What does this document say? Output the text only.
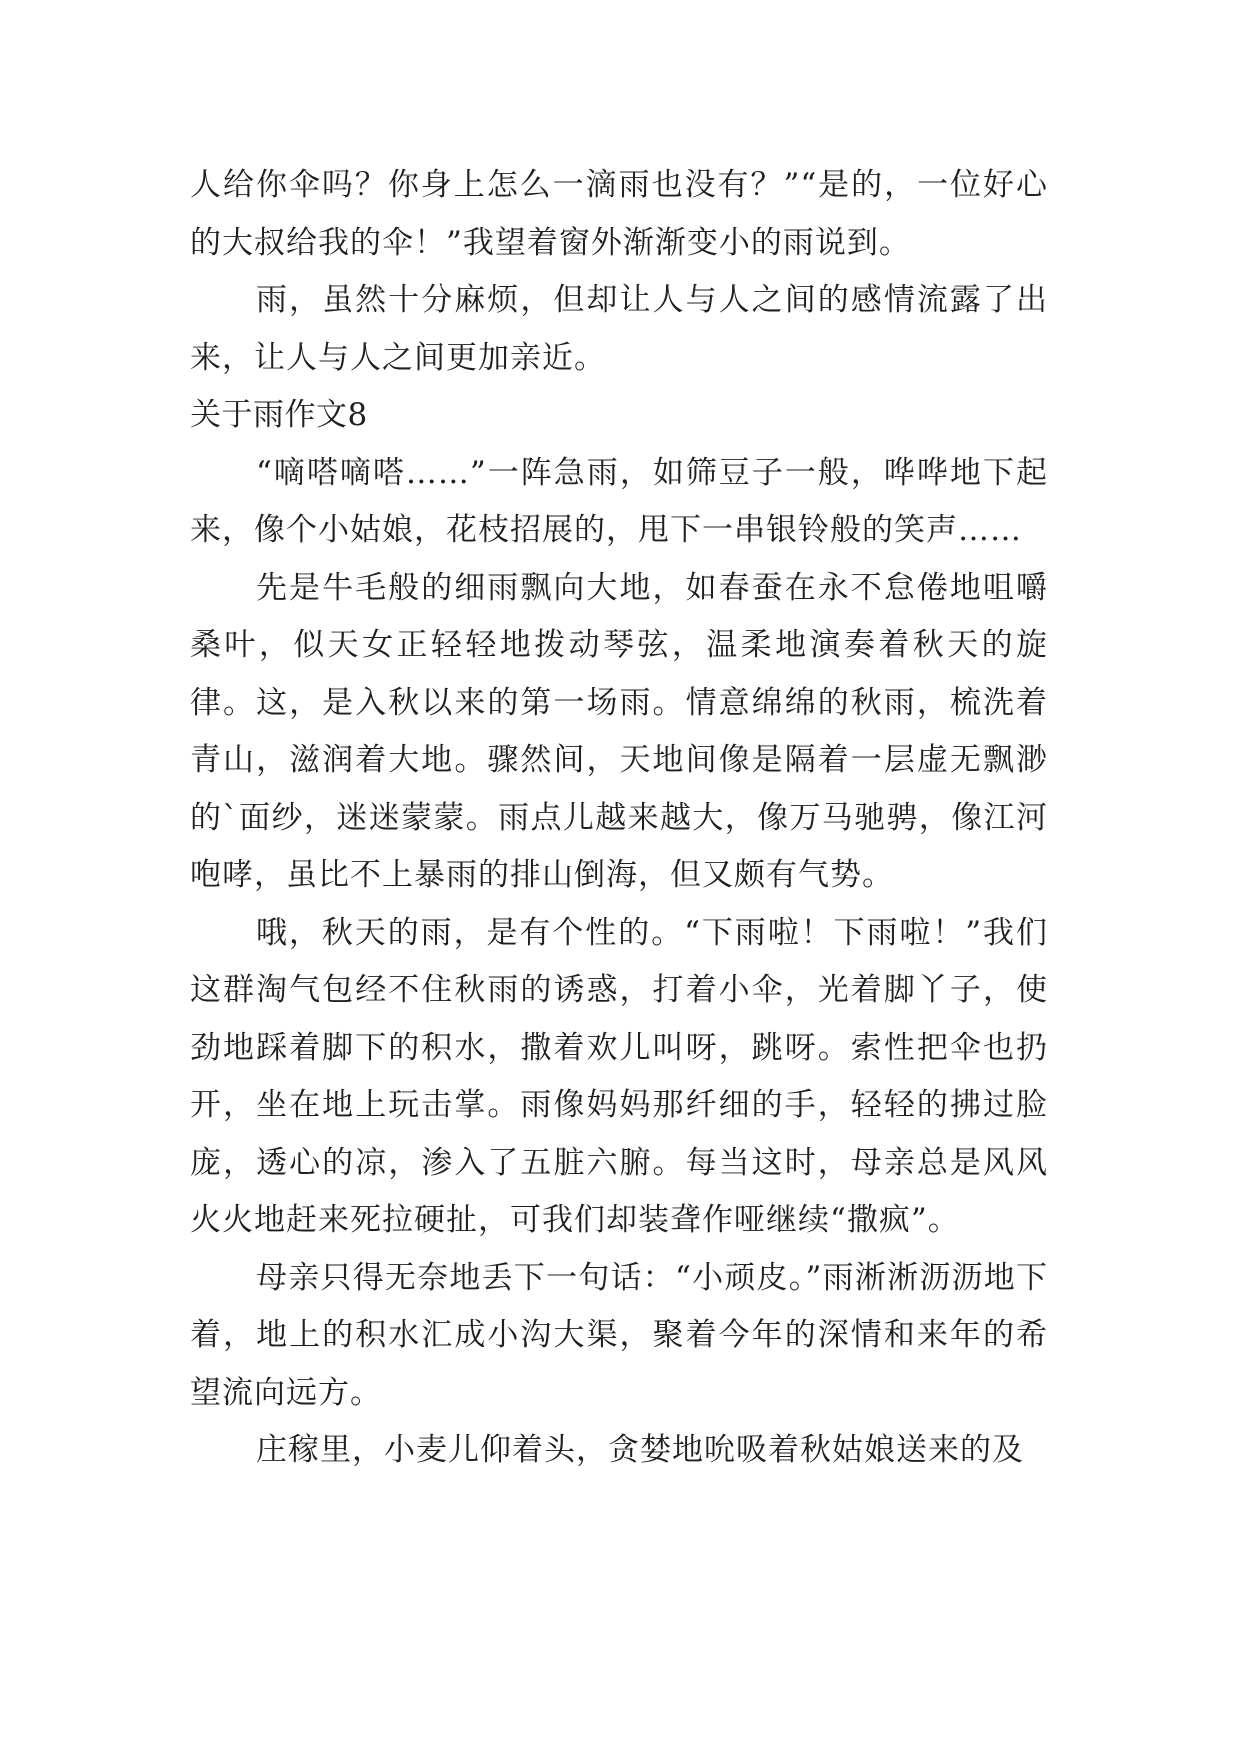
人给你伞吗？你身上怎么一滴雨也没有？”“是的，一位好心的大叔给我的伞！”我望着窗外渐渐变小的雨说到。

雨，虽然十分麻烦，但却让人与人之间的感情流露了出来，让人与人之间更加亲近。

关于雨作文8

“嘀嗒嘀嗒……”一阵急雨，如筛豆子一般，哗哗地下起来，像个小姑娘，花枝招展的，甩下一串银铃般的笑声……

先是牛毛般的细雨飘向大地，如春蚕在永不怠倦地咀嚼桑叶，似天女正轻轻地拨动琴弦，温柔地演奏着秋天的旋律。这，是入秋以来的第一场雨。情意绵绵的秋雨，梳洗着青山，滋润着大地。骤然间，天地间像是隔着一层虚无飘渺的`面纱，迷迷蒙蒙。雨点儿越来越大，像万马驰骋，像江河咆哮，虽比不上暴雨的排山倒海，但又颇有气势。

哦，秋天的雨，是有个性的。“下雨啦！下雨啦！”我们这群淘气包经不住秋雨的诱惑，打着小伞，光着脚丫子，使劲地踩着脚下的积水，撒着欢儿叫呀，跳呀。索性把伞也扔开，坐在地上玩击掌。雨像妈妈那纤细的手，轻轻的拂过脸庞，透心的凉，渗入了五脏六腑。每当这时，母亲总是风风火火地赶来死拉硬扯，可我们却装聋作哑继续“撒疯”。

母亲只得无奈地丢下一句话：“小顽皮。”雨淅淅沥沥地下着，地上的积水汇成小沟大渠，聚着今年的深情和来年的希望流向远方。

庄稼里，小麦儿仰着头，贪婪地吮吸着秋姑娘送来的及
